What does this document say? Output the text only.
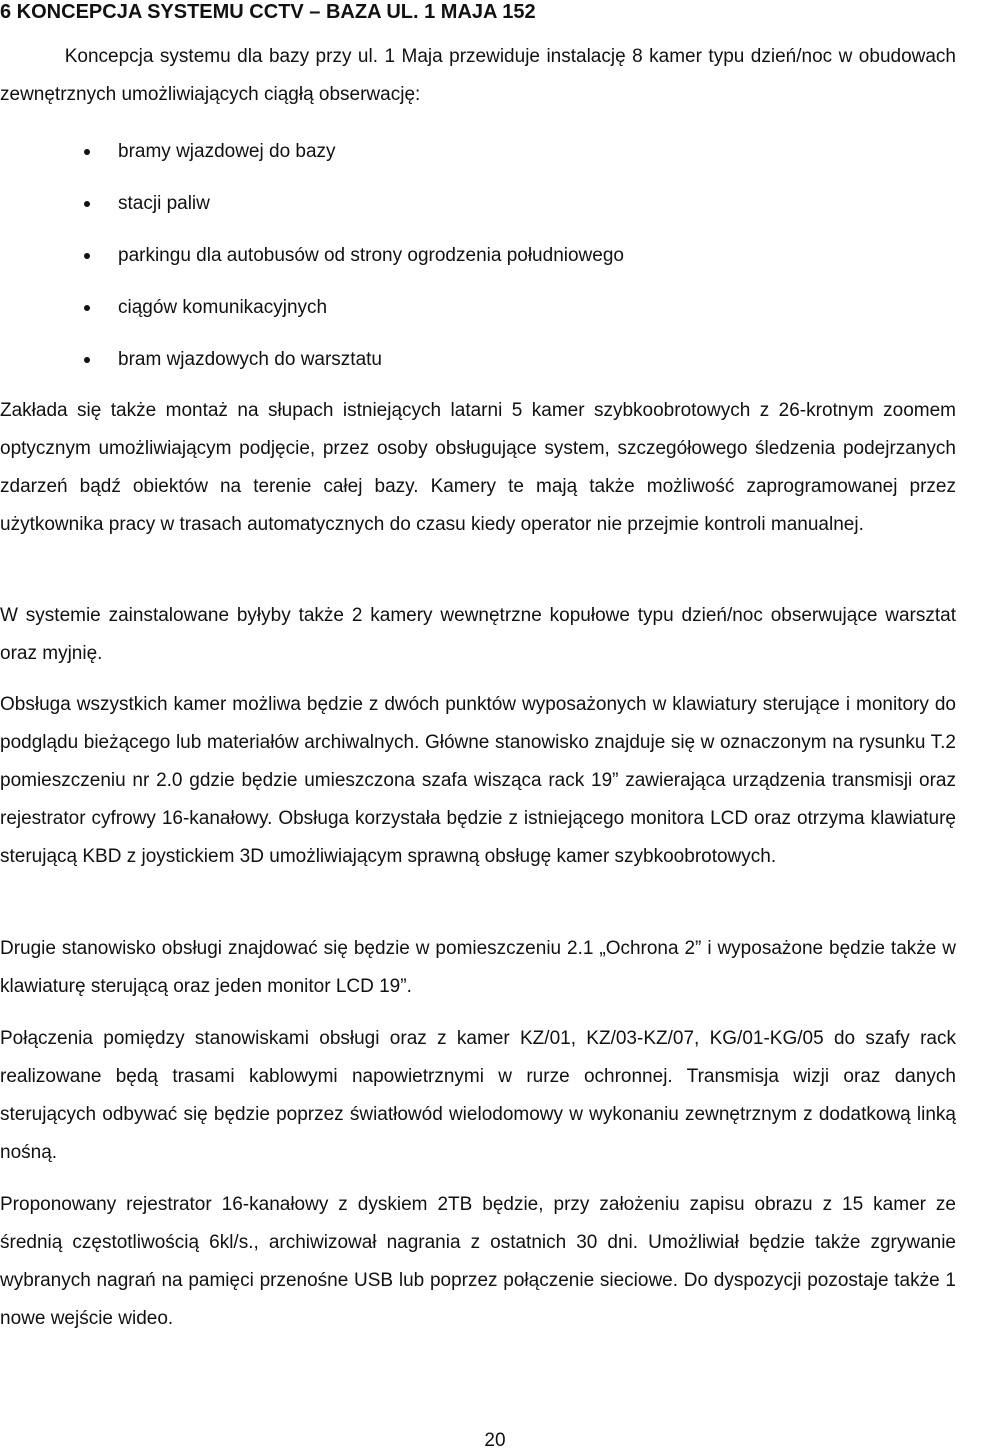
6 KONCEPCJA SYSTEMU CCTV – BAZA UL. 1 MAJA 152

Koncepcja systemu dla bazy przy ul. 1 Maja przewiduje instalację 8 kamer typu dzień/noc w obudowach zewnętrznych umożliwiających ciągłą obserwację:

bramy wjazdowej do bazy
stacji paliw
parkingu dla autobusów od strony ogrodzenia południowego
ciągów komunikacyjnych
bram wjazdowych do warsztatu

Zakłada się także montaż na słupach istniejących latarni 5 kamer szybkoobrotowych z 26-krotnym zoomem optycznym umożliwiającym podjęcie, przez osoby obsługujące system, szczegółowego śledzenia podejrzanych zdarzeń bądź obiektów na terenie całej bazy. Kamery te mają także możliwość zaprogramowanej przez użytkownika pracy w trasach automatycznych do czasu kiedy operator nie przejmie kontroli manualnej.

W systemie zainstalowane byłyby także 2 kamery wewnętrzne kopułowe typu dzień/noc obserwujące warsztat oraz myjnię.

Obsługa wszystkich kamer możliwa będzie z dwóch punktów wyposażonych w klawiatury sterujące i monitory do podglądu bieżącego lub materiałów archiwalnych. Główne stanowisko znajduje się w oznaczonym na rysunku T.2 pomieszczeniu nr 2.0 gdzie będzie umieszczona szafa wisząca rack 19” zawierająca urządzenia transmisji oraz rejestrator cyfrowy 16-kanałowy. Obsługa korzystała będzie z istniejącego monitora LCD oraz otrzyma klawiaturę sterującą KBD z joystickiem 3D umożliwiającym sprawną obsługę kamer szybkoobrotowych.

Drugie stanowisko obsługi znajdować się będzie w pomieszczeniu 2.1 „Ochrona 2” i wyposażone będzie także w klawiaturę sterującą oraz jeden monitor LCD 19”.

Połączenia pomiędzy stanowiskami obsługi oraz z kamer KZ/01, KZ/03-KZ/07, KG/01-KG/05 do szafy rack realizowane będą trasami kablowymi napowietrznymi w rurze ochronnej. Transmisja wizji oraz danych sterujących odbywać się będzie poprzez światłowód wielodomowy w wykonaniu zewnętrznym z dodatkową linką nośną.

Proponowany rejestrator 16-kanałowy z dyskiem 2TB będzie, przy założeniu zapisu obrazu z 15 kamer ze średnią częstotliwością 6kl/s., archiwizował nagrania z ostatnich 30 dni. Umożliwiał będzie także zgrywanie wybranych nagrań na pamięci przenośne USB lub poprzez połączenie sieciowe. Do dyspozycji pozostaje także 1 nowe wejście wideo.

20
